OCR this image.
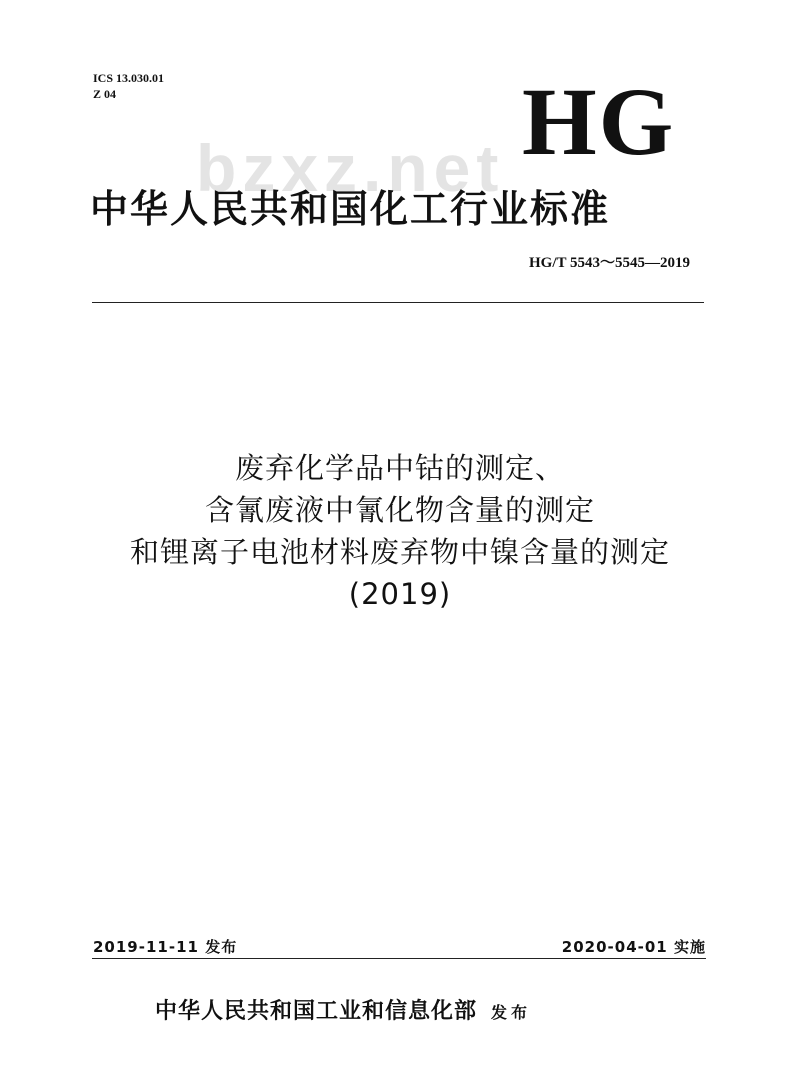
ICS 13.030.01
Z 04
bzxz.net HG
中华人民共和国化工行业标准
HG/T 5543～5545—2019
废弃化学品中钴的测定、
含氰废液中氰化物含量的测定
和锂离子电池材料废弃物中镍含量的测定
(2019)
2019-11-11 发布	2020-04-01 实施
中华人民共和国工业和信息化部 发布
